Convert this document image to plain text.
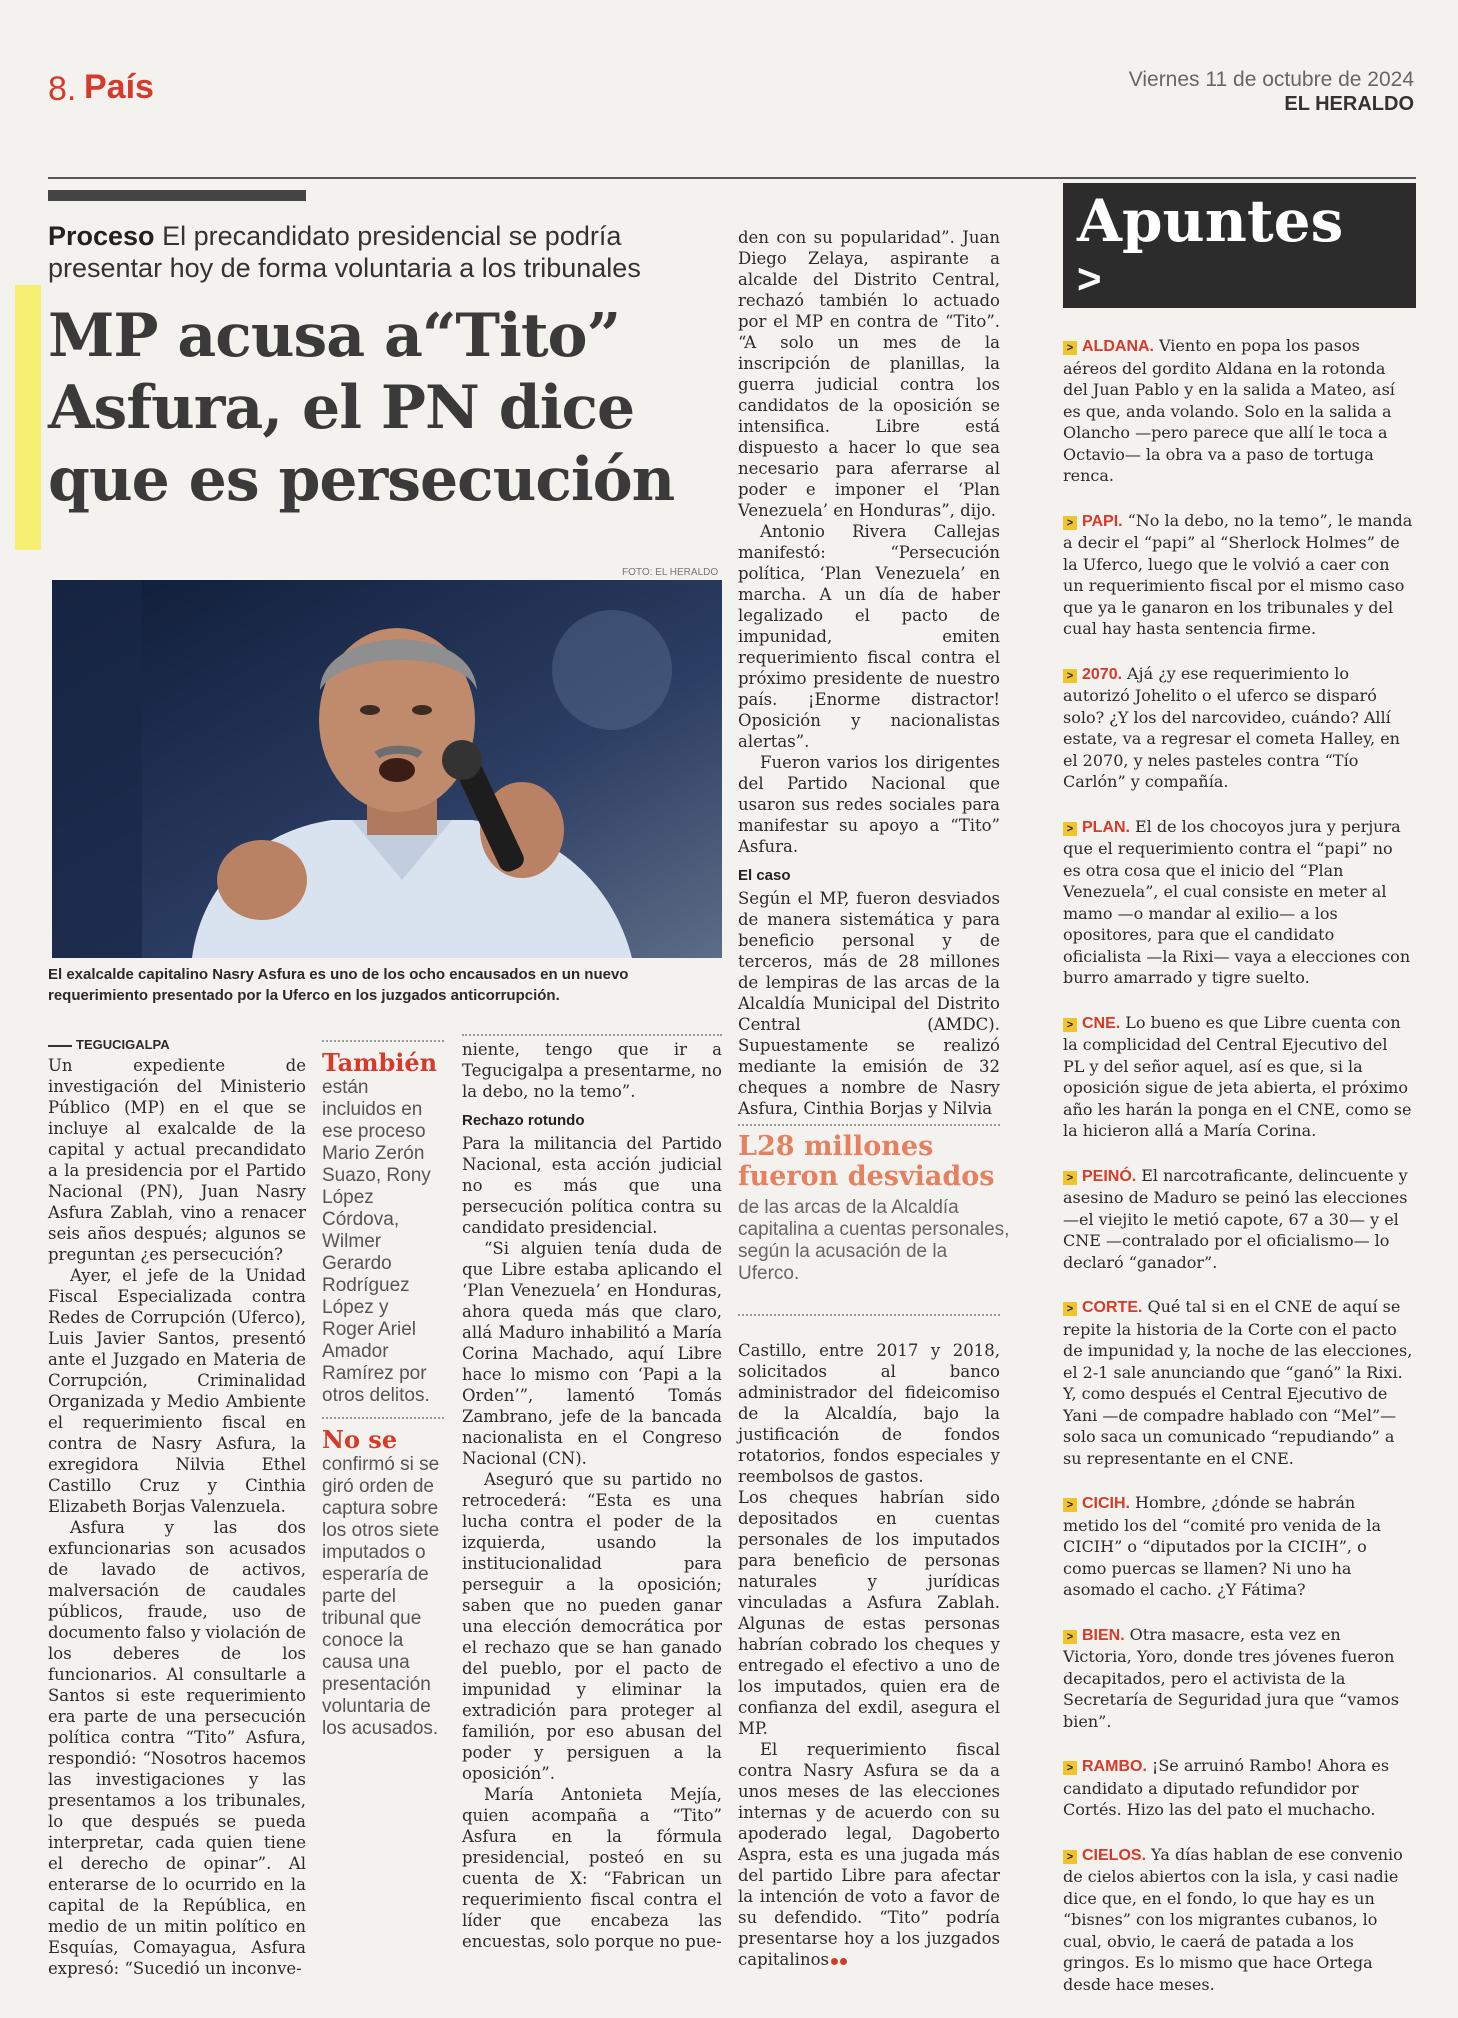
8. País	Viernes 11 de octubre de 2024
EL HERALDO
Proceso El precandidato presidencial se podría presentar hoy de forma voluntaria a los tribunales
MP acusa a“Tito” Asfura, el PN dice que es persecución
FOTO: EL HERALDO
El exalcalde capitalino Nasry Asfura es uno de los ocho encausados en un nuevo requerimiento presentado por la Uferco en los juzgados anticorrupción.
TEGUCIGALPA

Un expediente de investigación del Ministerio Público (MP) en el que se incluye al exalcalde de la capital y actual precandidato a la presidencia por el Partido Nacional (PN), Juan Nasry Asfura Zablah, vino a renacer seis años después; algunos se preguntan ¿es persecución?

Ayer, el jefe de la Unidad Fiscal Especializada contra Redes de Corrupción (Uferco), Luis Javier Santos, presentó ante el Juzgado en Materia de Corrupción, Criminalidad Organizada y Medio Ambiente el requerimiento fiscal en contra de Nasry Asfura, la exregidora Nilvia Ethel Castillo Cruz y Cinthia Elizabeth Borjas Valenzuela.

Asfura y las dos exfuncionarias son acusados de lavado de activos, malversación de caudales públicos, fraude, uso de documento falso y violación de los deberes de los funcionarios. Al consultarle a Santos si este requerimiento era parte de una persecución política contra “Tito” Asfura, respondió: “Nosotros hacemos las investigaciones y las presentamos a los tribunales, lo que después se pueda interpretar, cada quien tiene el derecho de opinar”. Al enterarse de lo ocurrido en la capital de la República, en medio de un mitin político en Esquías, Comayagua, Asfura expresó: “Sucedió un inconve-

También
están incluidos en ese proceso Mario Zerón Suazo, Rony López Córdova, Wilmer Gerardo Rodríguez López y Roger Ariel Amador Ramírez por otros delitos.
No se
confirmó si se giró orden de captura sobre los otros siete imputados o esperaría de parte del tribunal que conoce la causa una presentación voluntaria de los acusados.

niente, tengo que ir a Tegucigalpa a presentarme, no la debo, no la temo”.

Rechazo rotundo

Para la militancia del Partido Nacional, esta acción judicial no es más que una persecución política contra su candidato presidencial.

“Si alguien tenía duda de que Libre estaba aplicando el ‘Plan Venezuela’ en Honduras, ahora queda más que claro, allá Maduro inhabilitó a María Corina Machado, aquí Libre hace lo mismo con ‘Papi a la Orden’”, lamentó Tomás Zambrano, jefe de la bancada nacionalista en el Congreso Nacional (CN).

Aseguró que su partido no retrocederá: “Esta es una lucha contra el poder de la izquierda, usando la institucionalidad para perseguir a la oposición; saben que no pueden ganar una elección democrática por el rechazo que se han ganado del pueblo, por el pacto de impunidad y eliminar la extradición para proteger al familión, por eso abusan del poder y persiguen a la oposición”.

María Antonieta Mejía, quien acompaña a “Tito” Asfura en la fórmula presidencial, posteó en su cuenta de X: “Fabrican un requerimiento fiscal contra el líder que encabeza las encuestas, solo porque no pue-

den con su popularidad”. Juan Diego Zelaya, aspirante a alcalde del Distrito Central, rechazó también lo actuado por el MP en contra de “Tito”. “A solo un mes de la inscripción de planillas, la guerra judicial contra los candidatos de la oposición se intensifica. Libre está dispuesto a hacer lo que sea necesario para aferrarse al poder e imponer el ‘Plan Venezuela’ en Honduras”, dijo.

Antonio Rivera Callejas manifestó: “Persecución política, ‘Plan Venezuela’ en marcha. A un día de haber legalizado el pacto de impunidad, emiten requerimiento fiscal contra el próximo presidente de nuestro país. ¡Enorme distractor! Oposición y nacionalistas alertas”.

Fueron varios los dirigentes del Partido Nacional que usaron sus redes sociales para manifestar su apoyo a “Tito” Asfura.

El caso

Según el MP, fueron desviados de manera sistemática y para beneficio personal y de terceros, más de 28 millones de lempiras de las arcas de la Alcaldía Municipal del Distrito Central (AMDC). Supuestamente se realizó mediante la emisión de 32 cheques a nombre de Nasry Asfura, Cinthia Borjas y Nilvia

L28 millones fueron desviados
de las arcas de la Alcaldía capitalina a cuentas personales, según la acusación de la Uferco.

Castillo, entre 2017 y 2018, solicitados al banco administrador del fideicomiso de la Alcaldía, bajo la justificación de fondos rotatorios, fondos especiales y reembolsos de gastos.

Los cheques habrían sido depositados en cuentas personales de los imputados para beneficio de personas naturales y jurídicas vinculadas a Asfura Zablah. Algunas de estas personas habrían cobrado los cheques y entregado el efectivo a uno de los imputados, quien era de confianza del exdil, asegura el MP.

El requerimiento fiscal contra Nasry Asfura se da a unos meses de las elecciones internas y de acuerdo con su apoderado legal, Dagoberto Aspra, esta es una jugada más del partido Libre para afectar la intención de voto a favor de su defendido. “Tito” podría presentarse hoy a los juzgados capitalinos

Apuntes
>
> ALDANA. Viento en popa los pasos aéreos del gordito Aldana en la rotonda del Juan Pablo y en la salida a Mateo, así es que, anda volando. Solo en la salida a Olancho —pero parece que allí le toca a Octavio— la obra va a paso de tortuga renca.
> PAPI. “No la debo, no la temo”, le manda a decir el “papi” al “Sherlock Holmes” de la Uferco, luego que le volvió a caer con un requerimiento fiscal por el mismo caso que ya le ganaron en los tribunales y del cual hay hasta sentencia firme.
> 2070. Ajá ¿y ese requerimiento lo autorizó Johelito o el uferco se disparó solo? ¿Y los del narcovideo, cuándo? Allí estate, va a regresar el cometa Halley, en el 2070, y neles pasteles contra “Tío Carlón” y compañía.
> PLAN. El de los chocoyos jura y perjura que el requerimiento contra el “papi” no es otra cosa que el inicio del “Plan Venezuela”, el cual consiste en meter al mamo —o mandar al exilio— a los opositores, para que el candidato oficialista —la Rixi— vaya a elecciones con burro amarrado y tigre suelto.
> CNE. Lo bueno es que Libre cuenta con la complicidad del Central Ejecutivo del PL y del señor aquel, así es que, si la oposición sigue de jeta abierta, el próximo año les harán la ponga en el CNE, como se la hicieron allá a María Corina.
> PEINÓ. El narcotraficante, delincuente y asesino de Maduro se peinó las elecciones —el viejito le metió capote, 67 a 30— y el CNE —contralado por el oficialismo— lo declaró “ganador”.
> CORTE. Qué tal si en el CNE de aquí se repite la historia de la Corte con el pacto de impunidad y, la noche de las elecciones, el 2-1 sale anunciando que “ganó” la Rixi. Y, como después el Central Ejecutivo de Yani —de compadre hablado con “Mel”— solo saca un comunicado “repudiando” a su representante en el CNE.
> CICIH. Hombre, ¿dónde se habrán metido los del “comité pro venida de la CICIH” o “diputados por la CICIH”, o como puercas se llamen? Ni uno ha asomado el cacho. ¿Y Fátima?
> BIEN. Otra masacre, esta vez en Victoria, Yoro, donde tres jóvenes fueron decapitados, pero el activista de la Secretaría de Seguridad jura que “vamos bien”.
> RAMBO. ¡Se arruinó Rambo! Ahora es candidato a diputado refundidor por Cortés. Hizo las del pato el muchacho.
> CIELOS. Ya días hablan de ese convenio de cielos abiertos con la isla, y casi nadie dice que, en el fondo, lo que hay es un “bisnes” con los migrantes cubanos, lo cual, obvio, le caerá de patada a los gringos. Es lo mismo que hace Ortega desde hace meses.
